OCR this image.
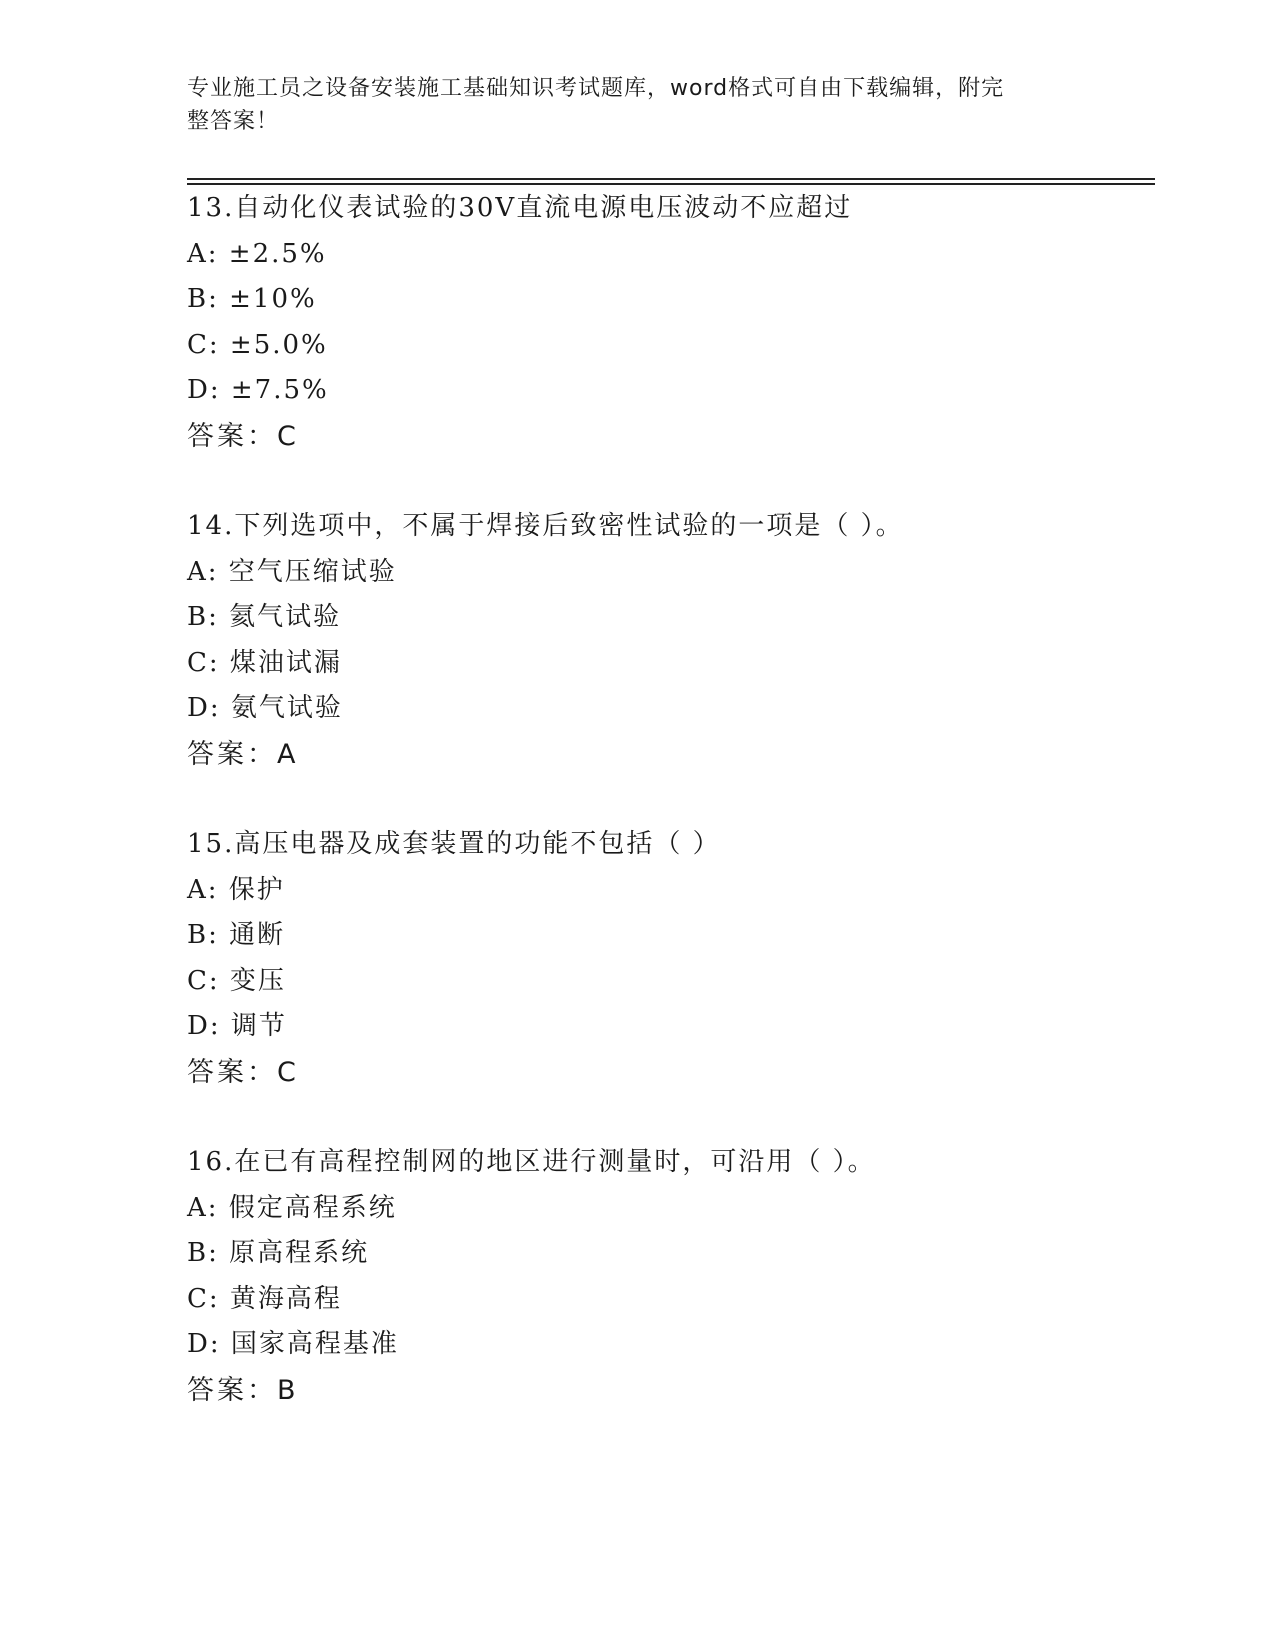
专业施工员之设备安装施工基础知识考试题库，word格式可自由下载编辑，附完
整答案！
13.自动化仪表试验的30V直流电源电压波动不应超过
A: ±2.5%
B: ±10%
C: ±5.0%
D: ±7.5%
答案：C
14.下列选项中，不属于焊接后致密性试验的一项是（ ）。
A: 空气压缩试验
B: 氦气试验
C: 煤油试漏
D: 氨气试验
答案：A
15.高压电器及成套装置的功能不包括（ ）
A: 保护
B: 通断
C: 变压
D: 调节
答案：C
16.在已有高程控制网的地区进行测量时，可沿用（ ）。
A: 假定高程系统
B: 原高程系统
C: 黄海高程
D: 国家高程基准
答案：B
